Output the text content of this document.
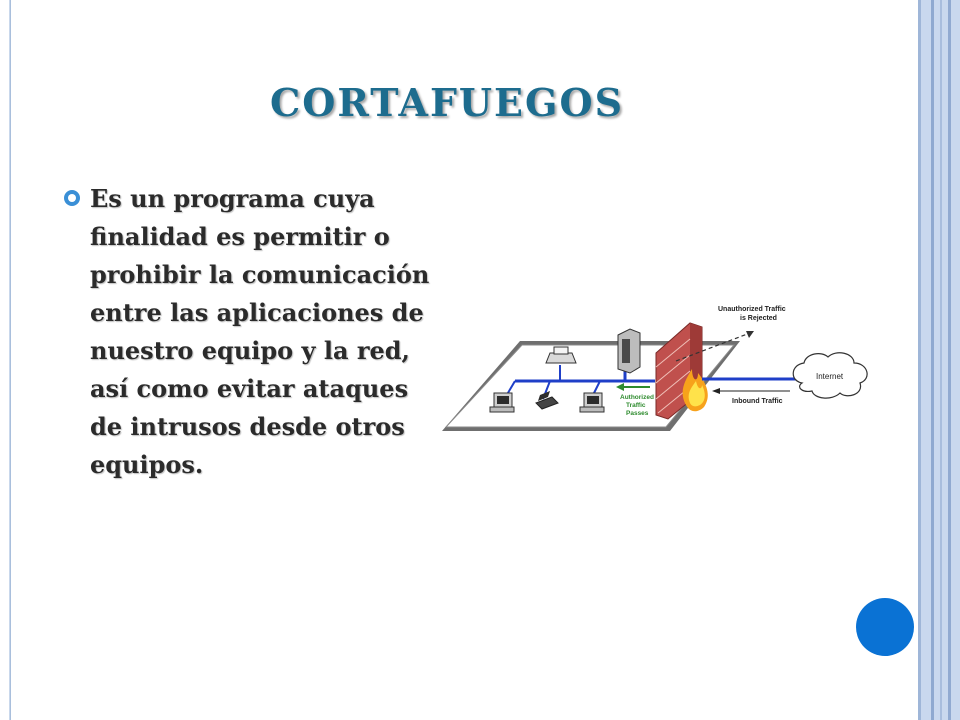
CORTAFUEGOS
Es un programa cuya finalidad es permitir o prohibir la comunicación entre las aplicaciones de nuestro equipo y la red, así como evitar ataques de intrusos desde otros equipos.
Authorized
Traffic
Passes
Unauthorized Traffic
is Rejected
Inbound Traffic
Internet
